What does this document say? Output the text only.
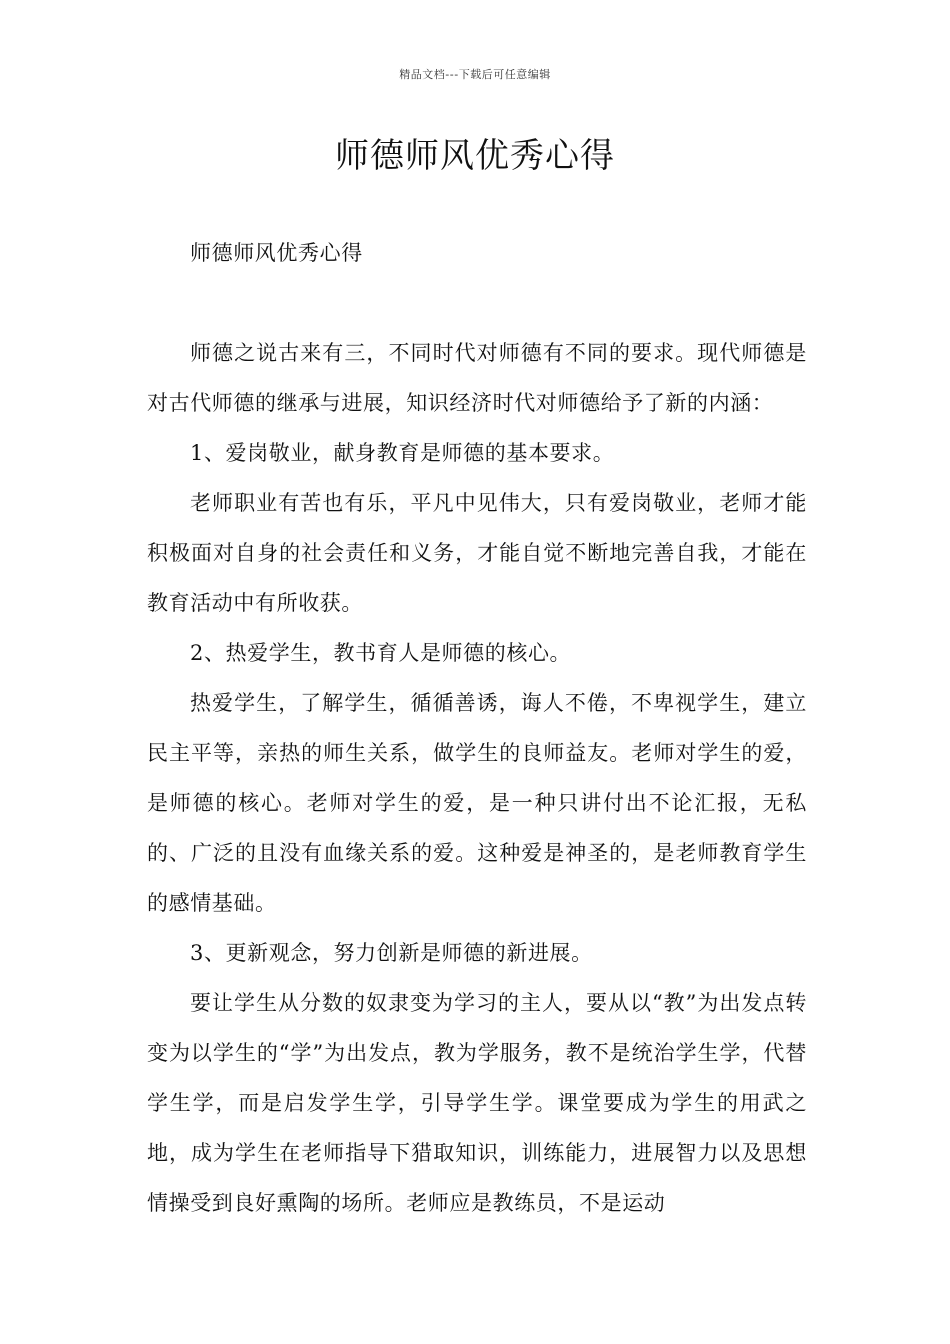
精品文档---下载后可任意编辑
师德师风优秀心得

师德师风优秀心得

师德之说古来有三，不同时代对师德有不同的要求。现代师德是对古代师德的继承与进展，知识经济时代对师德给予了新的内涵：

1、爱岗敬业，献身教育是师德的基本要求。

老师职业有苦也有乐，平凡中见伟大，只有爱岗敬业，老师才能积极面对自身的社会责任和义务，才能自觉不断地完善自我，才能在教育活动中有所收获。

2、热爱学生，教书育人是师德的核心。

热爱学生，了解学生，循循善诱，诲人不倦，不卑视学生，建立民主平等，亲热的师生关系，做学生的良师益友。老师对学生的爱，是师德的核心。老师对学生的爱，是一种只讲付出不论汇报，无私的、广泛的且没有血缘关系的爱。这种爱是神圣的，是老师教育学生的感情基础。

3、更新观念，努力创新是师德的新进展。

要让学生从分数的奴隶变为学习的主人，要从以“教”为出发点转变为以学生的“学”为出发点，教为学服务，教不是统治学生学，代替学生学，而是启发学生学，引导学生学。课堂要成为学生的用武之地，成为学生在老师指导下猎取知识，训练能力，进展智力以及思想情操受到良好熏陶的场所。老师应是教练员，不是运动
